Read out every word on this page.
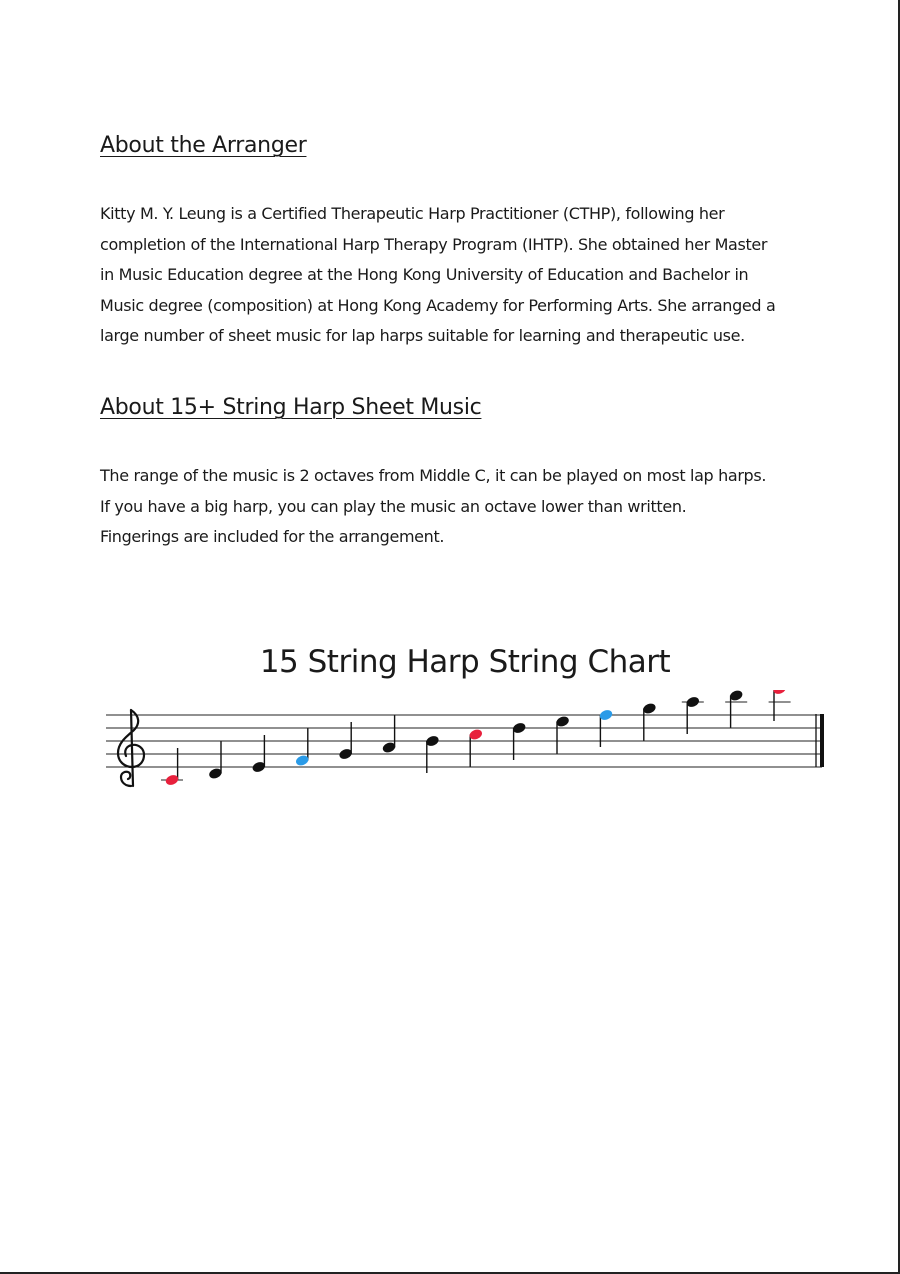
About the Arranger
Kitty M. Y. Leung is a Certified Therapeutic Harp Practitioner (CTHP), following her
completion of the International Harp Therapy Program (IHTP). She obtained her Master
in Music Education degree at the Hong Kong University of Education and Bachelor in
Music degree (composition) at Hong Kong Academy for Performing Arts. She arranged a
large number of sheet music for lap harps suitable for learning and therapeutic use.
About 15+ String Harp Sheet Music
The range of the music is 2 octaves from Middle C, it can be played on most lap harps.
If you have a big harp, you can play the music an octave lower than written.
Fingerings are included for the arrangement.
15 String Harp String Chart
